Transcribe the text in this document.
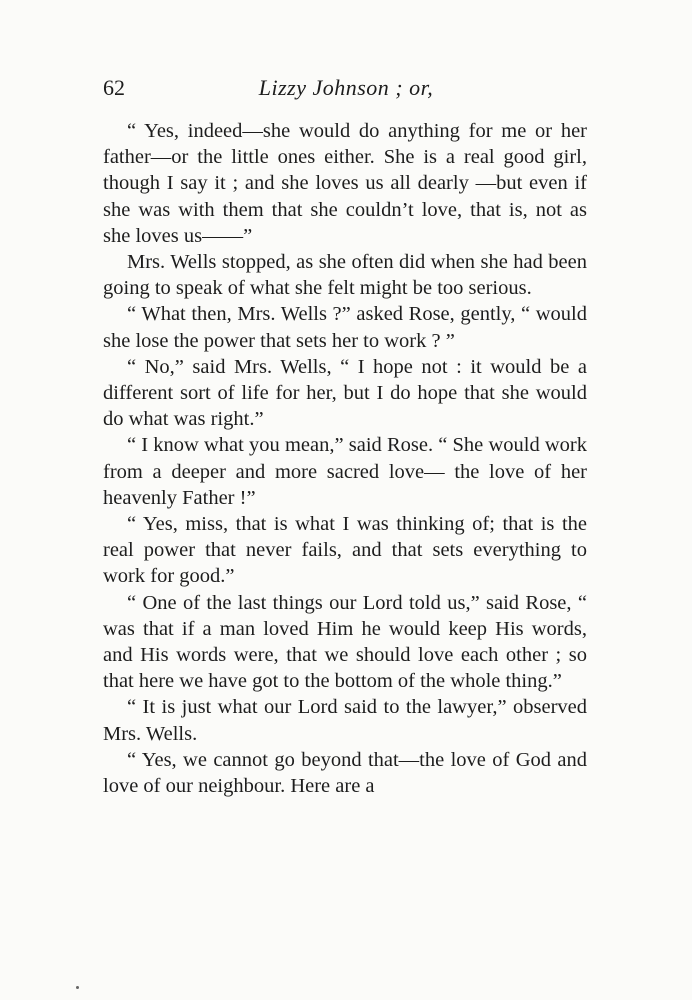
62	Lizzy Johnson ; or,

“ Yes, indeed—she would do anything for me or her father—or the little ones either. She is a real good girl, though I say it ; and she loves us all dearly —but even if she was with them that she couldn’t love, that is, not as she loves us——”

Mrs. Wells stopped, as she often did when she had been going to speak of what she felt might be too serious.

“ What then, Mrs. Wells ?” asked Rose, gently, “ would she lose the power that sets her to work ? ”

“ No,” said Mrs. Wells, “ I hope not : it would be a different sort of life for her, but I do hope that she would do what was right.”

“ I know what you mean,” said Rose. “ She would work from a deeper and more sacred love— the love of her heavenly Father !”

“ Yes, miss, that is what I was thinking of; that is the real power that never fails, and that sets everything to work for good.”

“ One of the last things our Lord told us,” said Rose, “ was that if a man loved Him he would keep His words, and His words were, that we should love each other ; so that here we have got to the bottom of the whole thing.”

“ It is just what our Lord said to the lawyer,” observed Mrs. Wells.

“ Yes, we cannot go beyond that—the love of God and love of our neighbour. Here are a
